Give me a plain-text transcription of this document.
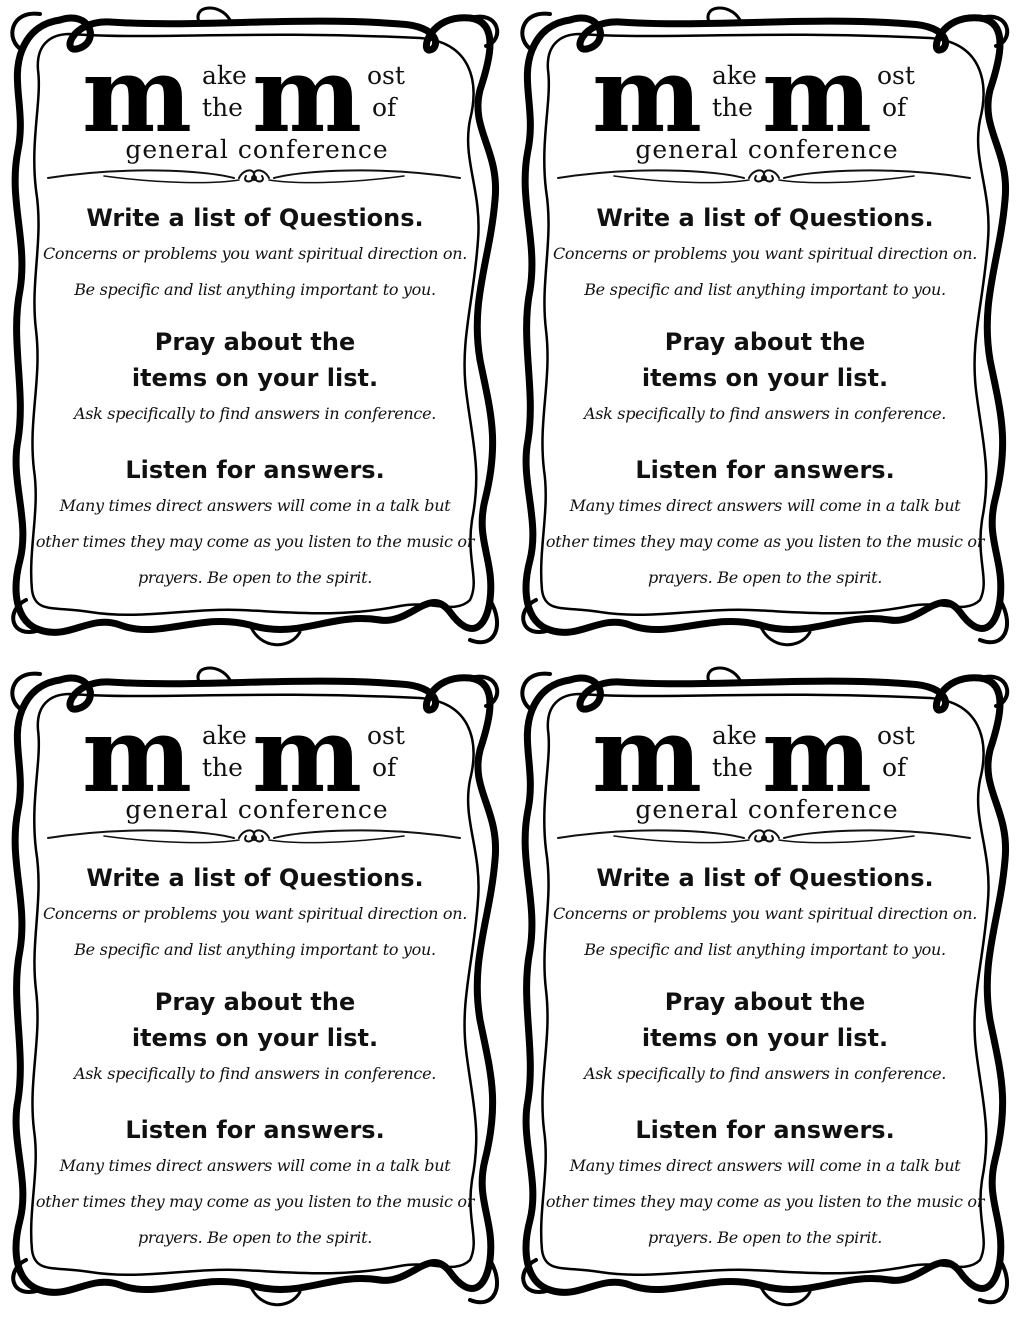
m ake
the m ost
of
general conference
Write a list of Questions.
Concerns or problems you want spiritual direction on.
Be specific and list anything important to you.
Pray about the
items on your list.
Ask specifically to find answers in conference.
Listen for answers.
Many times direct answers will come in a talk but
other times they may come as you listen to the music or
prayers. Be open to the spirit.
m ake
the m ost
of
general conference
Write a list of Questions.
Concerns or problems you want spiritual direction on.
Be specific and list anything important to you.
Pray about the
items on your list.
Ask specifically to find answers in conference.
Listen for answers.
Many times direct answers will come in a talk but
other times they may come as you listen to the music or
prayers. Be open to the spirit.
m ake
the m ost
of
general conference
Write a list of Questions.
Concerns or problems you want spiritual direction on.
Be specific and list anything important to you.
Pray about the
items on your list.
Ask specifically to find answers in conference.
Listen for answers.
Many times direct answers will come in a talk but
other times they may come as you listen to the music or
prayers. Be open to the spirit.
m ake
the m ost
of
general conference
Write a list of Questions.
Concerns or problems you want spiritual direction on.
Be specific and list anything important to you.
Pray about the
items on your list.
Ask specifically to find answers in conference.
Listen for answers.
Many times direct answers will come in a talk but
other times they may come as you listen to the music or
prayers. Be open to the spirit.
